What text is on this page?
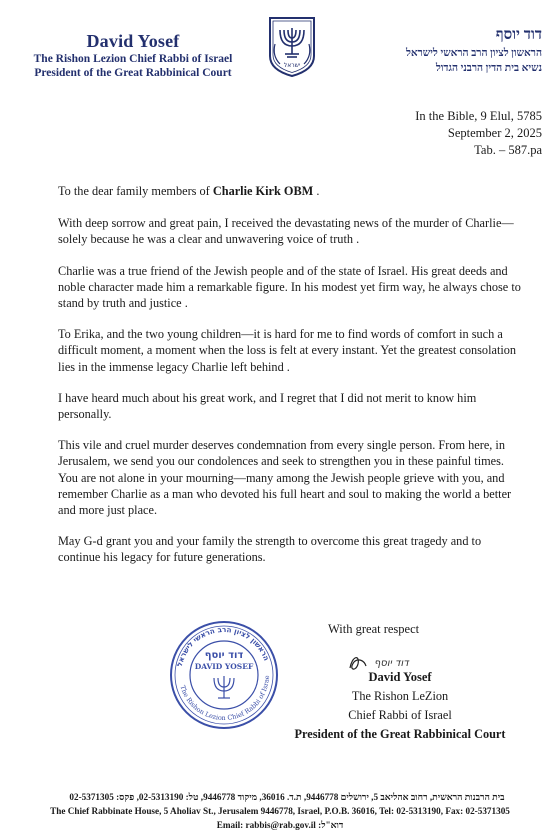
David Yosef
The Rishon Lezion Chief Rabbi of Israel
President of the Great Rabbinical Court
ישראל
דוד יוסף
הראשון לציון הרב הראשי לישראל
נשיא בית הדין הרבני הגדול
In the Bible, 9 Elul, 5785
September 2, 2025
Tab. – 587.pa

To the dear family members of Charlie Kirk OBM .

With deep sorrow and great pain, I received the devastating news of the murder of Charlie—solely because he was a clear and unwavering voice of truth .

Charlie was a true friend of the Jewish people and of the state of Israel. His great deeds and noble character made him a remarkable figure. In his modest yet firm way, he always chose to stand by truth and justice .

To Erika, and the two young children—it is hard for me to find words of comfort in such a difficult moment, a moment when the loss is felt at every instant. Yet the greatest consolation lies in the immense legacy Charlie left behind .

I have heard much about his great work, and I regret that I did not merit to know him personally.

This vile and cruel murder deserves condemnation from every single person. From here, in Jerusalem, we send you our condolences and seek to strengthen you in these painful times. You are not alone in your mourning—many among the Jewish people grieve with you, and remember Charlie as a man who devoted his full heart and soul to making the world a better and more just place.

May G-d grant you and your family the strength to overcome this great tragedy and to continue his legacy for future generations.

הראשון לציון הרב הראשי לישראל
The Rishon Lezion Chief Rabbi of Israe
דוד יוסף
DAVID YOSEF
With great respect
דוד יוסף
David Yosef
The Rishon LeZion
Chief Rabbi of Israel
President of the Great Rabbinical Court
בית הרבנות הראשית, רחוב אהליאב 5, ירושלים 9446778, ת.ד. 36016, מיקוד 9446778, טל: 02-5313190, פקס: 02-5371305
The Chief Rabbinate House, 5 Aholiav St., Jerusalem 9446778, Israel, P.O.B. 36016, Tel: 02-5313190, Fax: 02-5371305
Email: rabbis@rab.gov.il :דוא"ל
